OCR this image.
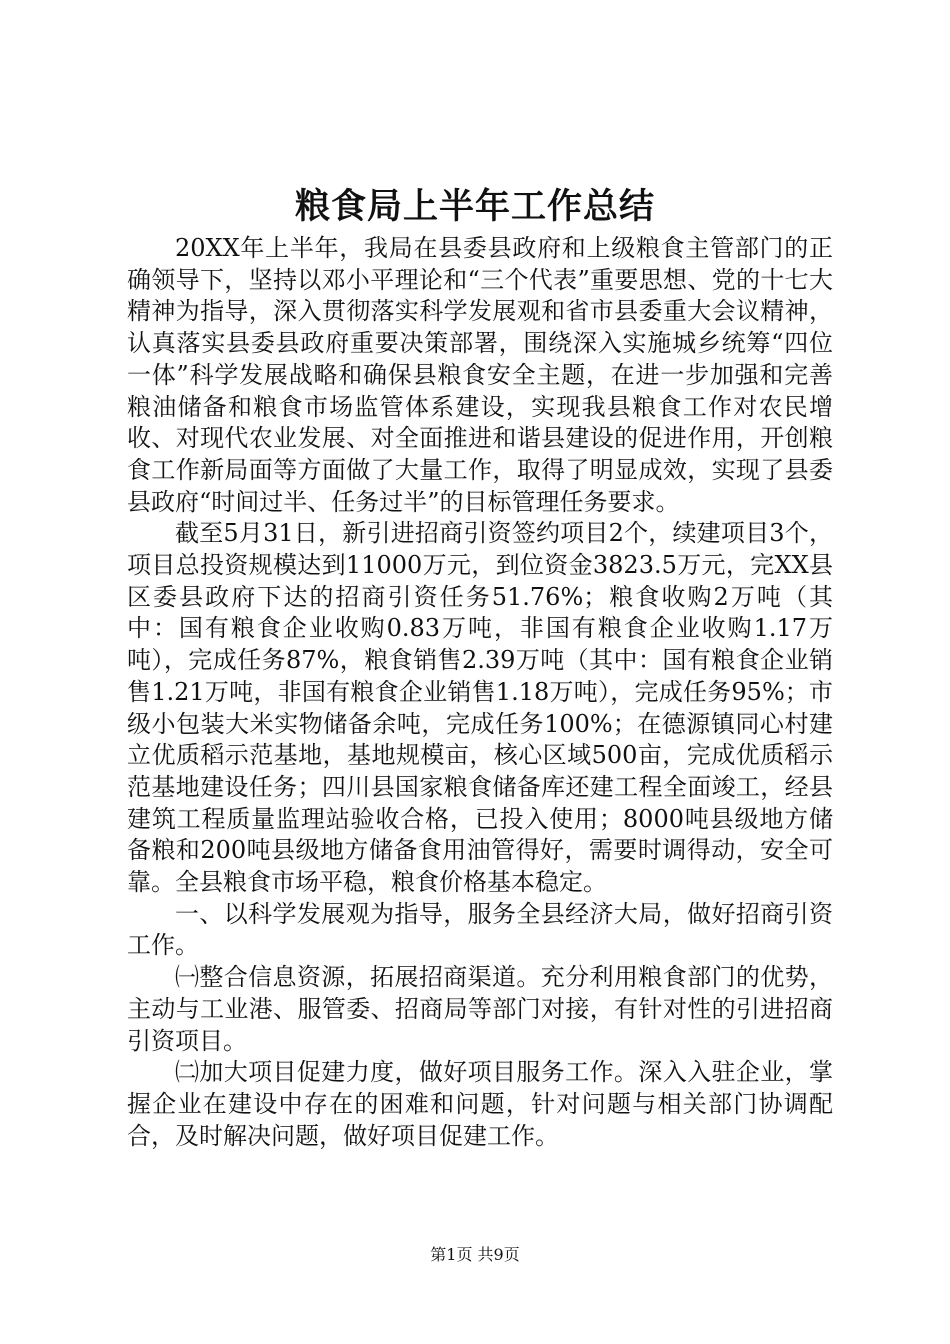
粮食局上半年工作总结

20XX年上半年，我局在县委县政府和上级粮食主管部门的正确领导下，坚持以邓小平理论和“三个代表”重要思想、党的十七大精神为指导，深入贯彻落实科学发展观和省市县委重大会议精神，认真落实县委县政府重要决策部署，围绕深入实施城乡统筹“四位一体”科学发展战略和确保县粮食安全主题，在进一步加强和完善粮油储备和粮食市场监管体系建设，实现我县粮食工作对农民增收、对现代农业发展、对全面推进和谐县建设的促进作用，开创粮食工作新局面等方面做了大量工作，取得了明显成效，实现了县委县政府“时间过半、任务过半”的目标管理任务要求。

截至5月31日，新引进招商引资签约项目2个，续建项目3个，项目总投资规模达到11000万元，到位资金3823.5万元，完XX县区委县政府下达的招商引资任务51.76%；粮食收购2万吨（其中：国有粮食企业收购0.83万吨，非国有粮食企业收购1.17万吨），完成任务87%，粮食销售2.39万吨（其中：国有粮食企业销售1.21万吨，非国有粮食企业销售1.18万吨），完成任务95%；市级小包装大米实物储备余吨，完成任务100%；在德源镇同心村建立优质稻示范基地，基地规模亩，核心区域500亩，完成优质稻示范基地建设任务；四川县国家粮食储备库还建工程全面竣工，经县建筑工程质量监理站验收合格，已投入使用；8000吨县级地方储备粮和200吨县级地方储备食用油管得好，需要时调得动，安全可靠。全县粮食市场平稳，粮食价格基本稳定。

一、以科学发展观为指导，服务全县经济大局，做好招商引资工作。

㈠整合信息资源，拓展招商渠道。充分利用粮食部门的优势，主动与工业港、服管委、招商局等部门对接，有针对性的引进招商引资项目。

㈡加大项目促建力度，做好项目服务工作。深入入驻企业，掌握企业在建设中存在的困难和问题，针对问题与相关部门协调配合，及时解决问题，做好项目促建工作。

第1页 共9页
